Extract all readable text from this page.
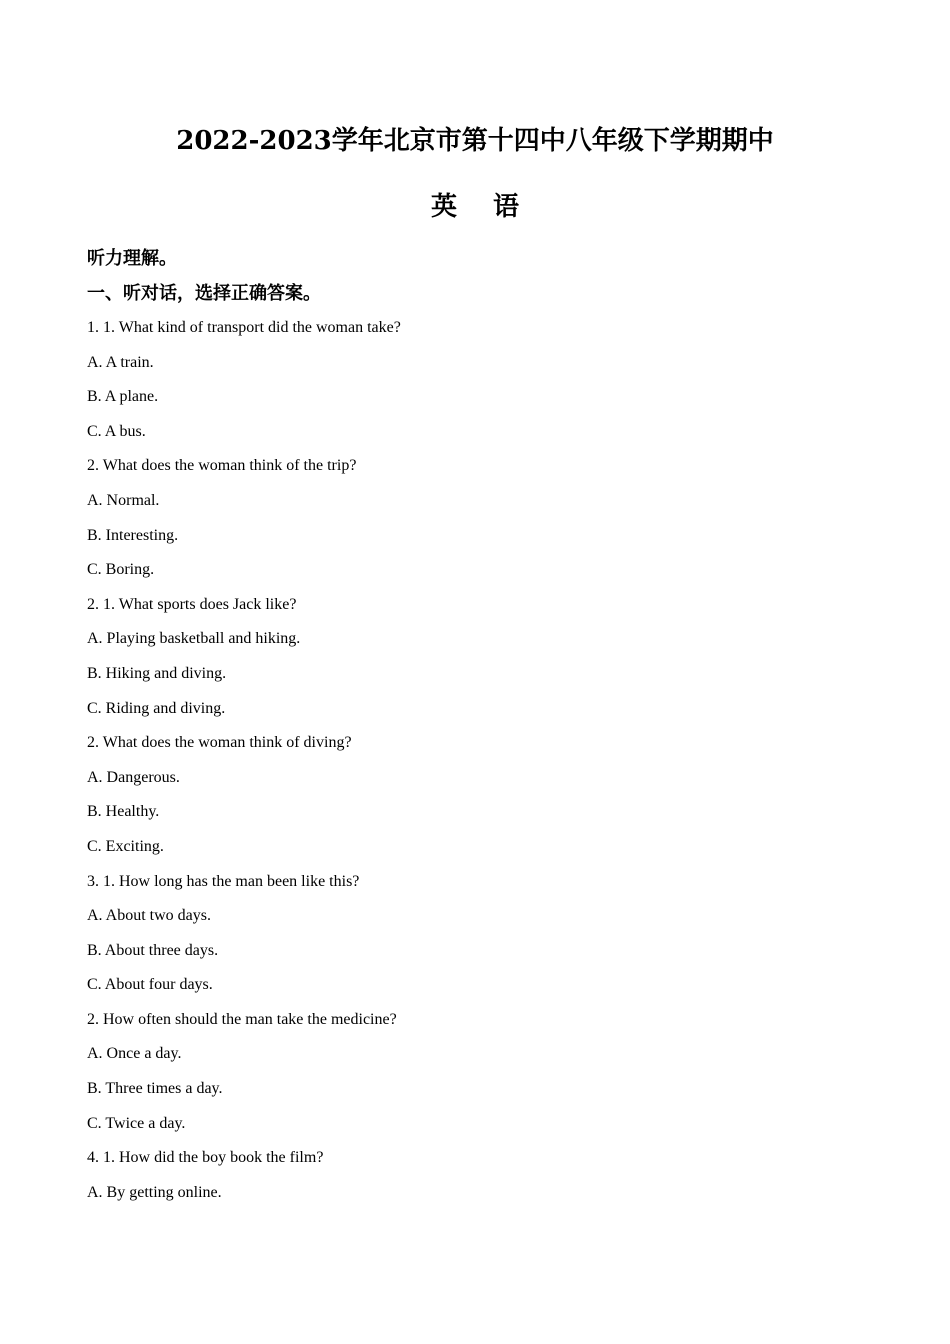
2022-2023学年北京市第十四中八年级下学期期中
英语
听力理解。
一、听对话，选择正确答案。
1. 1. What kind of transport did the woman take?
A. A train.
B. A plane.
C. A bus.
2. What does the woman think of the trip?
A. Normal.
B. Interesting.
C. Boring.
2. 1. What sports does Jack like?
A. Playing basketball and hiking.
B. Hiking and diving.
C. Riding and diving.
2. What does the woman think of diving?
A. Dangerous.
B. Healthy.
C. Exciting.
3. 1. How long has the man been like this?
A. About two days.
B. About three days.
C. About four days.
2. How often should the man take the medicine?
A. Once a day.
B. Three times a day.
C. Twice a day.
4. 1. How did the boy book the film?
A. By getting online.
